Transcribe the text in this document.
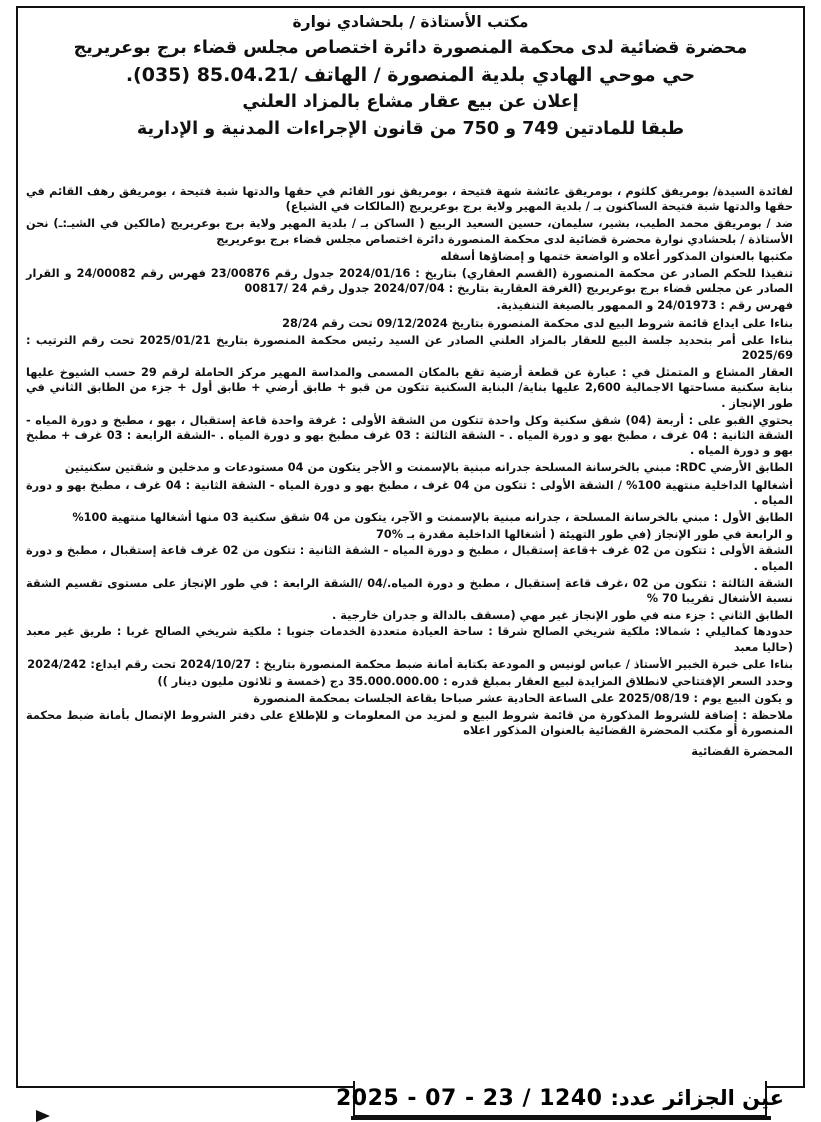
مكتب الأستاذة / بلحشادي نوارة
محضرة قضائية لدى محكمة المنصورة دائرة اختصاص مجلس قضاء برج بوعريريج
حي موحي الهادي بلدية المنصورة / الهاتف /85.04.21 (035).
إعلان عن بيع عقار مشاع بالمزاد العلني
طبقا للمادتين 749 و 750 من قانون الإجراءات المدنية و الإدارية

لفائدة السيدة/ بومريفق كلثوم ، بومريفق عائشة شهة فتيحة ، بومريفق نور القائم في حقها والدتها شبة فتيحة ، بومريفق رهف القائم في حقها والدتها شبة فتيحة الساكنون بـ / بلدية المهير ولاية برج بوعريريج (المالكات في الشياع)

ضد / بومريفق محمد الطيب، بشير، سليمان، حسين السعيد الربيع ( الساكن بـ / بلدية المهير ولاية برج بوعريريج (مالكين في الشيـ:ـ) نحن الأستاذة / بلحشادي نوارة محضرة قضائية لدى محكمة المنصورة دائرة اختصاص مجلس قضاء برج بوعريريج

مكتبها بالعنوان المذكور أعلاه و الواضعة ختمها و إمضاؤها أسفله

تنفيذا للحكم الصادر عن محكمة المنصورة (القسم العقاري) بتاريخ : 2024/01/16 جدول رقم 23/00876 فهرس رقم 24/00082 و القرار الصادر عن مجلس قضاء برج بوعريريج (الغرفة العقارية بتاريخ : 2024/07/04 جدول رقم 24 /00817

فهرس رقم : 24/01973 و الممهور بالصيغة التنفيذية.

بناءا على ايداع قائمة شروط البيع لدى محكمة المنصورة بتاريخ 09/12/2024 تحت رقم 28/24

بناءا على أمر بتحديد جلسة البيع للعقار بالمزاد العلني الصادر عن السيد رئيس محكمة المنصورة بتاريخ 2025/01/21 تحت رقم الترتيب : 2025/69

العقار المشاع و المتمثل في : عبارة عن قطعة أرضية تقع بالمكان المسمى والمداسة المهير مركز الحاملة لرقم 29 حسب الشيوخ عليها بناية سكنية مساحتها الاجمالية 2,600 عليها بناية/ البناية السكنية تتكون من قبو + طابق أرضي + طابق أول + جزء من الطابق الثاني في طور الإنجاز .

يحتوي القبو على : أربعة (04) شقق سكنية وكل واحدة تتكون من الشقة الأولى : غرفة واحدة قاعة إستقبال ، بهو ، مطبخ و دورة المياه - الشقة الثانية : 04 غرف ، مطبخ بهو و دورة المياه . - الشقة الثالثة : 03 غرف مطبخ بهو و دورة المياه . -الشقة الرابعة : 03 غرف + مطبخ بهو و دورة المياه .

الطابق الأرضي RDC: مبني بالخرسانة المسلحة جدرانه مبنية بالإسمنت و الأجر يتكون من 04 مستودعات و مدخلين و شقتين سكنيتين

أشغالها الداخلية منتهية 100% / الشقة الأولى : تتكون من 04 غرف ، مطبخ بهو و دورة المياه - الشقة الثانية : 04 غرف ، مطبخ بهو و دورة المياه .

الطابق الأول : مبني بالخرسانة المسلحة ، جدرانه مبنية بالإسمنت و الآجر، يتكون من 04 شقق سكنية 03 منها أشغالها منتهية 100%

و الرابعة في طور الإنجاز (في طور التهيئة ( أشغالها الداخلية مقدرة بـ %70

الشقة الأولى : تتكون من 02 غرف +قاعة إستقبال ، مطبخ و دورة المياه - الشقة الثانية : تتكون من 02 غرف قاعة إستقبال ، مطبخ و دورة المياه .

الشقة الثالثة : تتكون من 02 ،غرف قاعة إستقبال ، مطبخ و دورة المياه./04 /الشقة الرابعة : في طور الإنجاز على مستوى تقسيم الشقة نسبة الأشغال تقريبا 70 %

الطابق الثاني : جزء منه في طور الإنجاز غير مهي (مسقف بالدالة و جدران خارجية .

حدودها كماليلي : شمالا: ملكية شريخي الصالح شرقا : ساحة العيادة متعددة الخدمات جنوبا : ملكية شريخي الصالح غربا : طريق غير معبد (حاليا معبد

بناءا على خبرة الخبير الأستاذ / عباس لونيس و المودعة بكتابة أمانة ضبط محكمة المنصورة بتاريخ : 2024/10/27 تحت رقم ايداع: 2024/242

وحدد السعر الإفتتاحي لانطلاق المزايدة لبيع العقار بمبلغ قدره : 35.000.000.00 دج (خمسة و ثلاثون مليون دينار ))

و يكون البيع يوم : 2025/08/19 على الساعة الحادية عشر صباحا بقاعة الجلسات بمحكمة المنصورة

ملاحظة : إضافة للشروط المذكورة من قائمة شروط البيع و لمزيد من المعلومات و للإطلاع على دفتر الشروط الإتصال بأمانة ضبط محكمة المنصورة أو مكتب المحضرة القضائية بالعنوان المذكور اعلاه

المحضرة القضائية
عين الجزائر عدد:
2025 - 07 - 23 / 1240
